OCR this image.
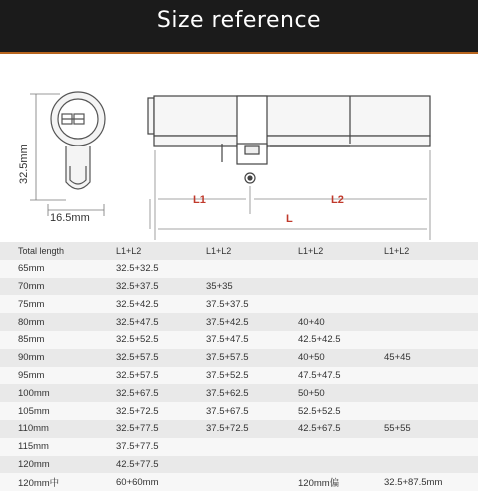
Size reference
32.5mm
16.5mm
L1	L2
L
Total length	L1+L2	L1+L2	L1+L2	L1+L2
65mm	32.5+32.5			
70mm	32.5+37.5	35+35		
75mm	32.5+42.5	37.5+37.5		
80mm	32.5+47.5	37.5+42.5	40+40	
85mm	32.5+52.5	37.5+47.5	42.5+42.5	
90mm	32.5+57.5	37.5+57.5	40+50	45+45
95mm	32.5+57.5	37.5+52.5	47.5+47.5	
100mm	32.5+67.5	37.5+62.5	50+50	
105mm	32.5+72.5	37.5+67.5	52.5+52.5	
110mm	32.5+77.5	37.5+72.5	42.5+67.5	55+55
115mm	37.5+77.5			
120mm	42.5+77.5			
120mm中	60+60mm		120mm偏	32.5+87.5mm
